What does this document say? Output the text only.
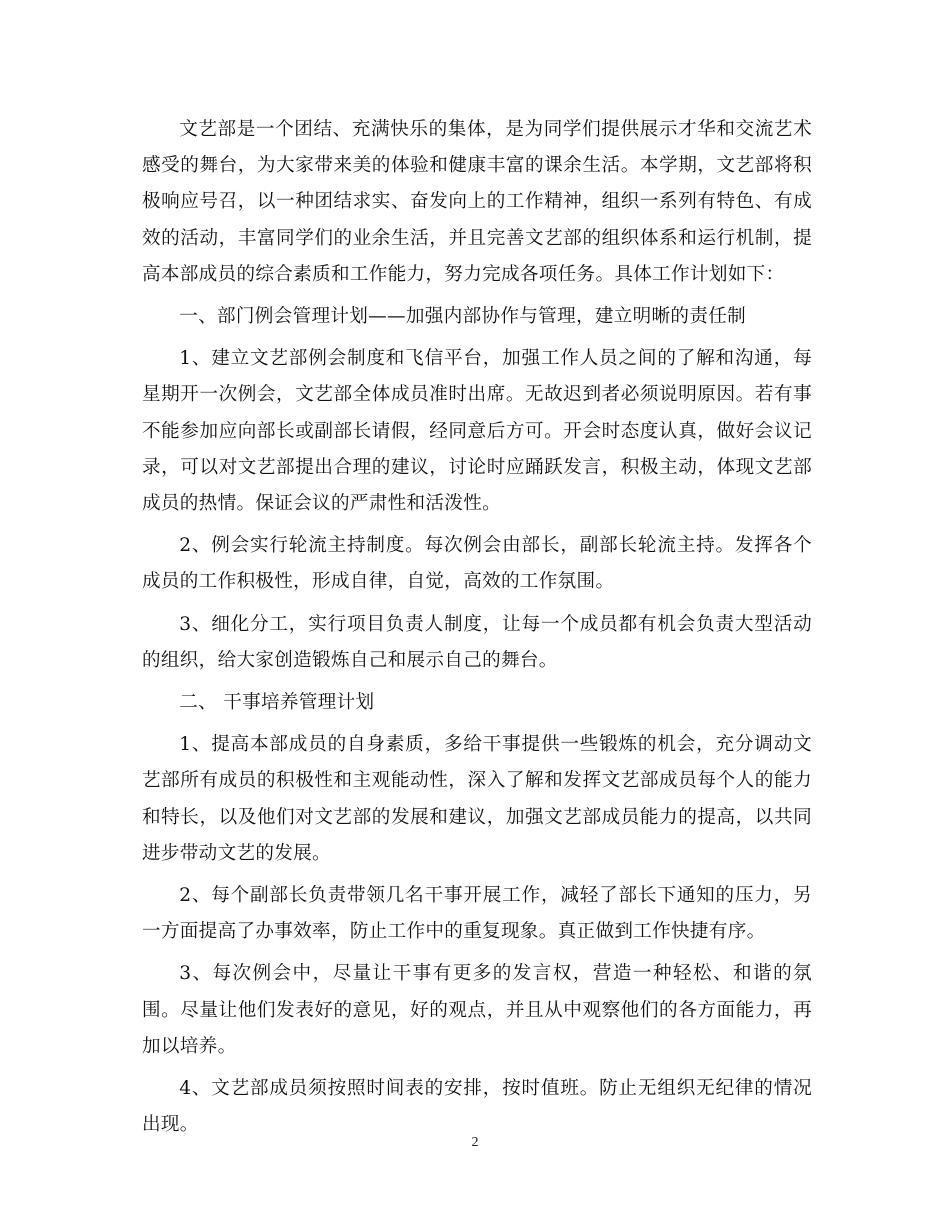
文艺部是一个团结、充满快乐的集体，是为同学们提供展示才华和交流艺术感受的舞台，为大家带来美的体验和健康丰富的课余生活。本学期，文艺部将积极响应号召，以一种团结求实、奋发向上的工作精神，组织一系列有特色、有成效的活动，丰富同学们的业余生活，并且完善文艺部的组织体系和运行机制，提高本部成员的综合素质和工作能力，努力完成各项任务。具体工作计划如下：

一、部门例会管理计划——加强内部协作与管理，建立明晰的责任制

1、建立文艺部例会制度和飞信平台，加强工作人员之间的了解和沟通，每星期开一次例会，文艺部全体成员准时出席。无故迟到者必须说明原因。若有事不能参加应向部长或副部长请假，经同意后方可。开会时态度认真，做好会议记录，可以对文艺部提出合理的建议，讨论时应踊跃发言，积极主动，体现文艺部成员的热情。保证会议的严肃性和活泼性。

2、例会实行轮流主持制度。每次例会由部长，副部长轮流主持。发挥各个成员的工作积极性，形成自律，自觉，高效的工作氛围。

3、细化分工，实行项目负责人制度，让每一个成员都有机会负责大型活动的组织，给大家创造锻炼自己和展示自己的舞台。

二、 干事培养管理计划

1、提高本部成员的自身素质，多给干事提供一些锻炼的机会，充分调动文艺部所有成员的积极性和主观能动性，深入了解和发挥文艺部成员每个人的能力和特长，以及他们对文艺部的发展和建议，加强文艺部成员能力的提高，以共同进步带动文艺的发展。

2、每个副部长负责带领几名干事开展工作，减轻了部长下通知的压力，另一方面提高了办事效率，防止工作中的重复现象。真正做到工作快捷有序。

3、每次例会中，尽量让干事有更多的发言权，营造一种轻松、和谐的氛围。尽量让他们发表好的意见，好的观点，并且从中观察他们的各方面能力，再加以培养。

4、文艺部成员须按照时间表的安排，按时值班。防止无组织无纪律的情况出现。

2
